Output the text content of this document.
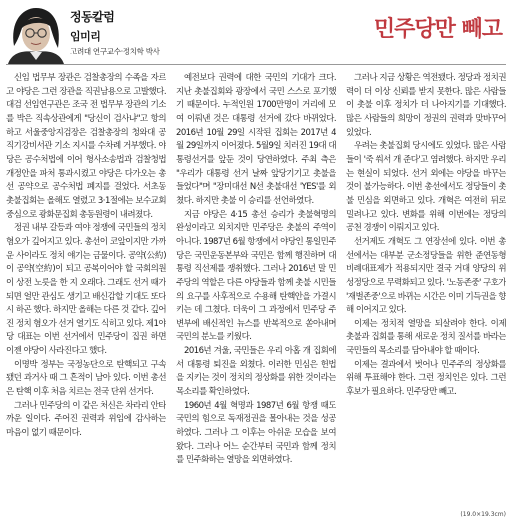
정동칼럼
임미리
고려대 연구교수·정치학 박사
민주당만 빼고

신임 법무부 장관은 검찰총장의 수족을 자르고 야당은 그런 장관을 직권남용으로 고발했다. 대검 선임연구관은 조국 전 법무부 장관의 기소를 박은 직속상관에게 "당신이 검사냐"고 항의하고 서울중앙지검장은 검찰총장의 청와대 공직기강비서관 기소 지시를 수차례 거부했다. 야당은 공수처법에 이어 형사소송법과 검찰청법 개정안을 파처 통과시켰고 야당은 다가오는 총선 공약으로 공수처법 폐지를 걸었다. 서초동 촛불집회는 올해도 열렸고 3·1절에는 보수교회 중심으로 광화문집회 총동원령이 내려졌다.

정권 내부 갈등과 여야 정쟁에 국민들의 정치 혐오가 깊어지고 있다. 총선이 코앞이지만 가까운 사이라도 정치 얘기는 금물이다. 공약(公約)이 공약(空約)이 되고 공복이어야 할 국회의원이 상전 노릇을 한 지 오래다. 그래도 선거 때가 되면 얼만 관심도 생기고 배신감할 기대도 또다시 하곤 했다. 하지만 올해는 다른 것 같다. 깊어진 정치 혐오가 선거 열기도 식히고 있다. 제1야당 대표는 이번 선거에서 민주당이 집권 하면 이젠 야당이 사라진다고 했다.

이명박 정부는 국정농단으로 탄핵되고 구속됐던 과거사 때 그 흔적이 남아 있다. 이번 총선은 탄핵 이후 처음 치르는 전국 단위 선거다.

그러나 민주당의 이 같은 처신은 차라리 안타까운 일이다. 주어진 권력과 위임에 감사하는 마음이 없기 때문이다.

예전보다 권력에 대한 국민의 기대가 크다. 지난 촛불집회와 광장에서 국민 스스로 포기했기 때문이다. 누적인원 1700만명이 거리에 모여 이뤄낸 것은 대통령 선거에 갔다 바뀌었다. 2016년 10월 29일 시작된 집회는 2017년 4월 29일까지 이어졌다. 5월9일 치러진 19대 대통령선거를 앞둔 것이 당연하였다. 주최 측은 "우리가 대통령 선거 날짜 앞당기기고 촛불을 들었다"며 "장미대선 N선 촛불대선 'YES'를 외쳤다. 하지만 촛불 이 승리를 선언하였다.

지금 야당은 4·15 총선 승리가 촛불혁명의 완성이라고 외치지만 민주당은 촛불의 주역이 아니다. 1987년 6월 항쟁에서 야당인 통일민주당은 국민운동본부와 국민은 함께 행진하며 대통령 직선제를 쟁취했다. 그러나 2016년 말 민주당의 역할은 다른 야당들과 함께 촛불 시민들의 요구를 사후적으로 수용해 탄핵안을 가결시키는 데 그쳤다. 더욱이 그 과정에서 민주당 주변부에 배신적인 뉴스를 반복적으로 쏟아내며 국민의 분노를 키웠다.

2016년 겨울, 국민들은 우리 아홉 개 집회에서 대통령 퇴진을 외쳤다. 이러한 민심은 헌법을 지키는 것이 정치의 정상화를 위한 것이라는 목소리를 확인하였다.

1960년 4월 혁명과 1987년 6월 항쟁 때도 국민의 힘으로 독재정권을 몰아내는 것을 성공하였다. 그러나 그 이후는 아쉬운 모습을 보여왔다. 그러나 어느 순간부터 국민과 함께 정치를 민주화하는 열망을 외면하였다.

그러나 지금 상황은 역전됐다. 정당과 정치권력이 더 이상 신뢰를 받지 못한다. 많은 사람들이 촛불 이후 정치가 더 나아지기를 기대했다. 많은 사람들의 희망이 정권의 권력과 맞바꾸어 있었다.

우려는 촛불집회 당시에도 있었다. 많은 사람들이 '죽 쒀서 개 준다'고 염려했다. 하지만 우리는 현실이 되었다. 선거 외에는 야당을 바꾸는 것이 불가능하다. 이번 총선에서도 정당들이 촛불 민심을 외면하고 있다. 개혁은 여전히 뒤로 밀려나고 있다. 변화를 위해 이번에는 정당의 공천 경쟁이 이뤄지고 있다.

선거제도 개혁도 그 연장선에 있다. 이번 총선에서는 대부분 군소정당들을 위한 준연동형 비례대표제가 적용되지만 결국 거대 양당의 위성정당으로 무력화되고 있다. '노동존중' 구호가 '재벌존중'으로 바뀌는 시간은 이미 기득권을 향해 이어지고 있다.

이제는 정치적 열망을 되살려야 한다. 이제 촛불과 집회를 통해 새로운 정치 질서를 바라는 국민들의 목소리를 담아내야 할 때이다.

이제는 결과에서 벗어나 민주주의 정상화를 위해 투표해야 한다. 그런 정치인은 있다. 그런 후보가 필요하다. 민주당만 빼고.

(19.0×19.3cm)
